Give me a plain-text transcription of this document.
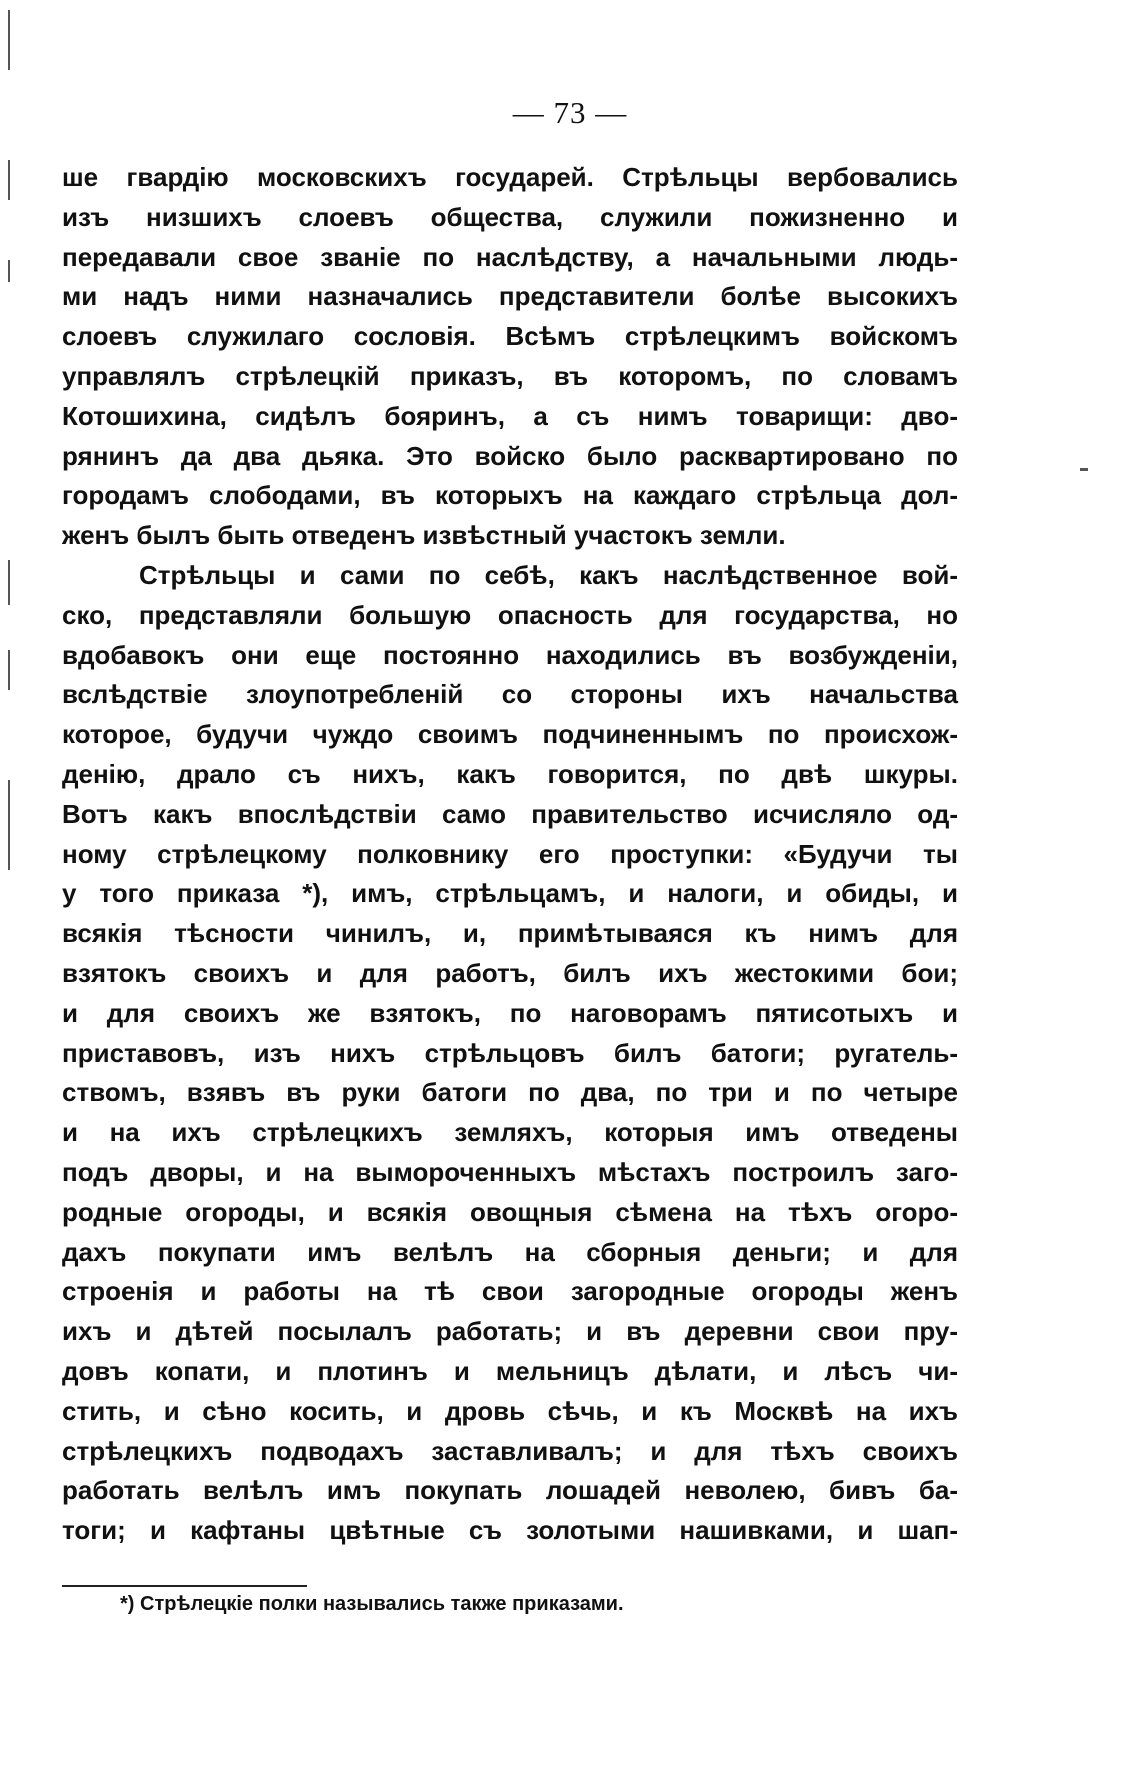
— 73 —
ше гвардію московскихъ государей. Стрѣльцы вербовались
изъ низшихъ слоевъ общества, служили пожизненно и
передавали свое званіе по наслѣдству, а начальными людь-
ми надъ ними назначались представители болѣе высокихъ
слоевъ служилаго сословія. Всѣмъ стрѣлецкимъ войскомъ
управлялъ стрѣлецкій приказъ, въ которомъ, по словамъ
Котошихина, сидѣлъ бояринъ, а съ нимъ товарищи: дво-
рянинъ да два дьяка. Это войско было расквартировано по
городамъ слободами, въ которыхъ на каждаго стрѣльца дол-
женъ былъ быть отведенъ извѣстный участокъ земли.
Стрѣльцы и сами по себѣ, какъ наслѣдственное вой-
ско, представляли большую опасность для государства, но
вдобавокъ они еще постоянно находились въ возбужденіи,
вслѣдствіе злоупотребленій со стороны ихъ начальства
которое, будучи чуждо своимъ подчиненнымъ по происхож-
денію, драло съ нихъ, какъ говорится, по двѣ шкуры.
Вотъ какъ впослѣдствіи само правительство исчисляло од-
ному стрѣлецкому полковнику его проступки: «Будучи ты
у того приказа *), имъ, стрѣльцамъ, и налоги, и обиды, и
всякія тѣсности чинилъ, и, примѣтываяся къ нимъ для
взятокъ своихъ и для работъ, билъ ихъ жестокими бои;
и для своихъ же взятокъ, по наговорамъ пятисотыхъ и
приставовъ, изъ нихъ стрѣльцовъ билъ батоги; ругатель-
ствомъ, взявъ въ руки батоги по два, по три и по четыре
и на ихъ стрѣлецкихъ земляхъ, которыя имъ отведены
подъ дворы, и на вымороченныхъ мѣстахъ построилъ заго-
родные огороды, и всякія овощныя сѣмена на тѣхъ огоро-
дахъ покупати имъ велѣлъ на сборныя деньги; и для
строенія и работы на тѣ свои загородные огороды женъ
ихъ и дѣтей посылалъ работать; и въ деревни свои пру-
довъ копати, и плотинъ и мельницъ дѣлати, и лѣсъ чи-
стить, и сѣно косить, и дровь сѣчь, и къ Москвѣ на ихъ
стрѣлецкихъ подводахъ заставливалъ; и для тѣхъ своихъ
работать велѣлъ имъ покупать лошадей неволею, бивъ ба-
тоги; и кафтаны цвѣтные съ золотыми нашивками, и шап-
*) Стрѣлецкіе полки назывались также приказами.
